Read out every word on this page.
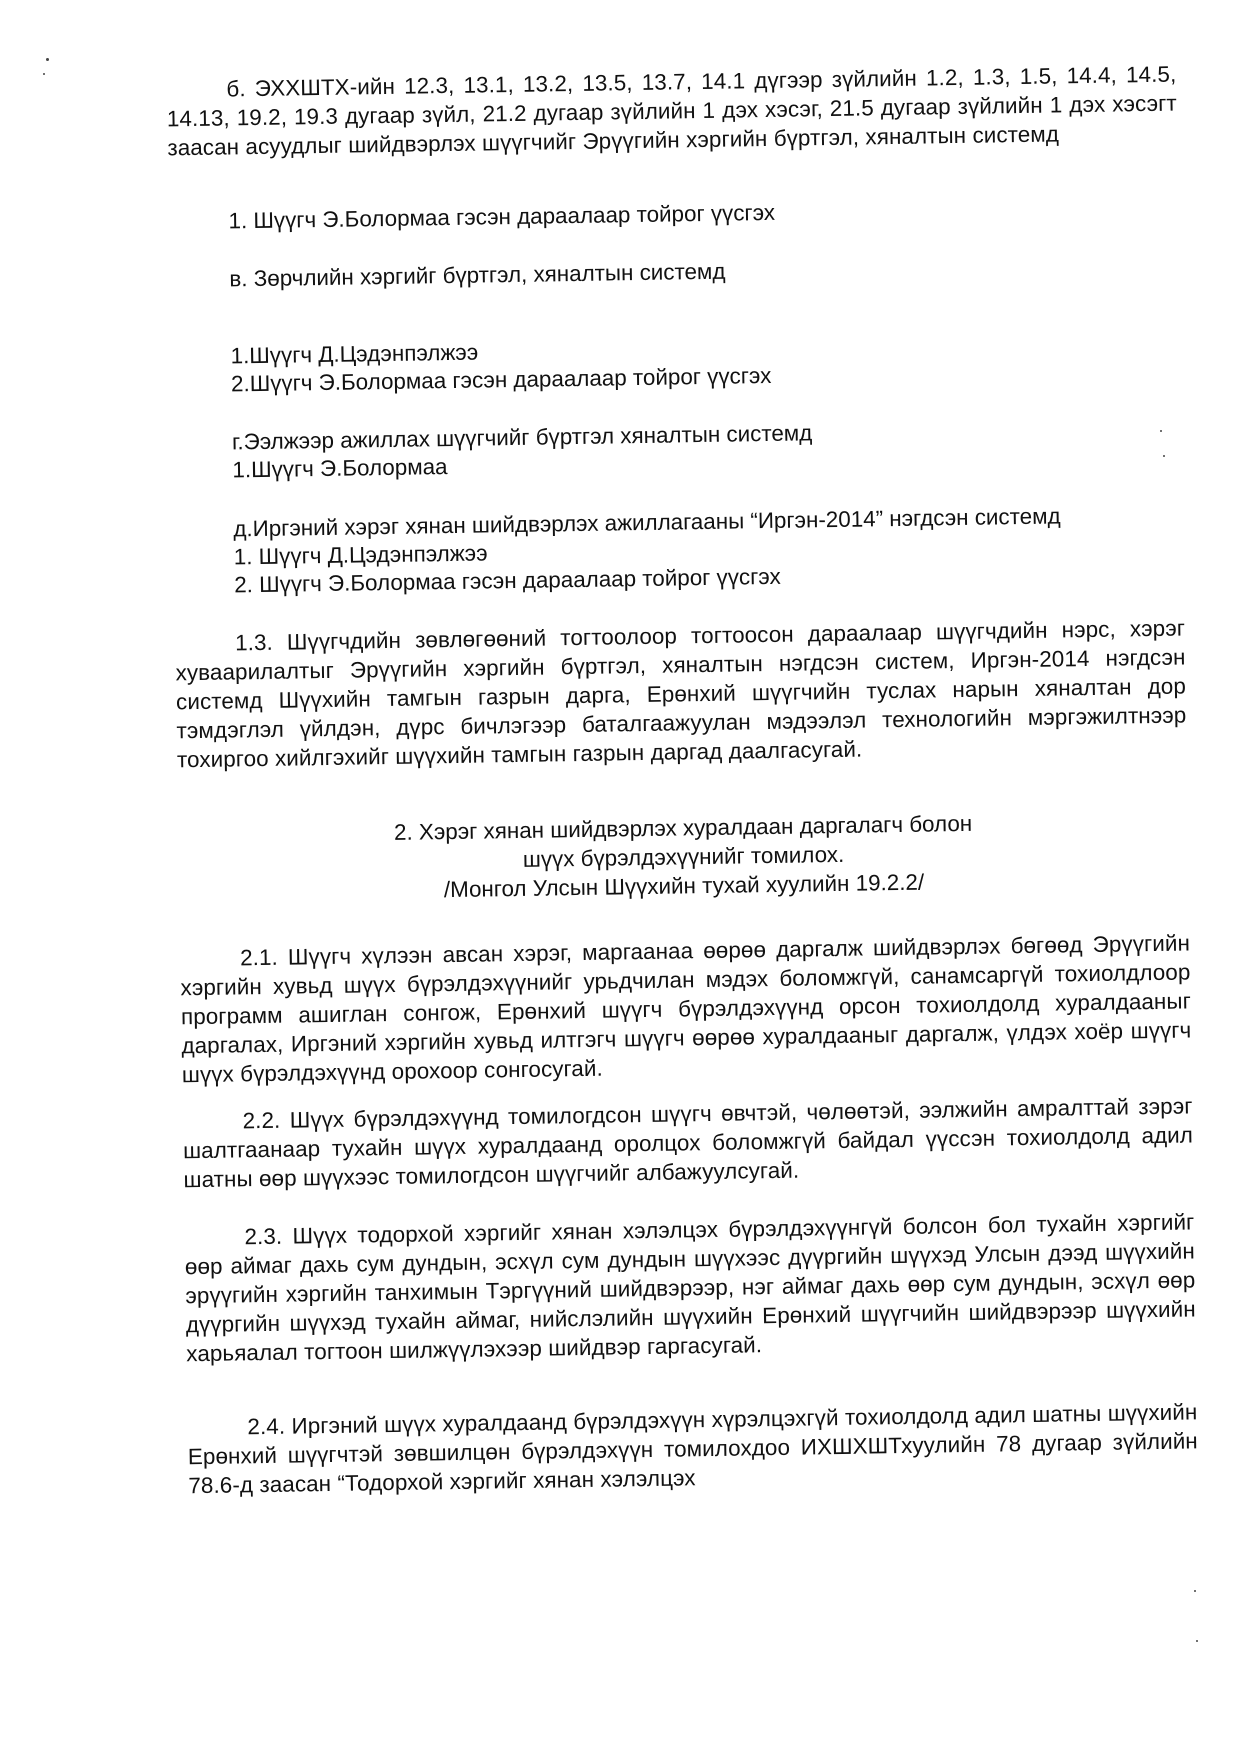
б. ЭХХШТХ-ийн 12.3, 13.1, 13.2, 13.5, 13.7, 14.1 дүгээр зүйлийн 1.2, 1.3, 1.5, 14.4, 14.5, 14.13, 19.2, 19.3 дугаар зүйл, 21.2 дугаар зүйлийн 1 дэх хэсэг, 21.5 дугаар зүйлийн 1 дэх хэсэгт заасан асуудлыг шийдвэрлэх шүүгчийг Эрүүгийн хэргийн бүртгэл, хяналтын системд
1. Шүүгч Э.Болормаа гэсэн дараалаар тойрог үүсгэх
в. Зөрчлийн хэргийг бүртгэл, хяналтын системд
1.Шүүгч Д.Цэдэнпэлжээ
2.Шүүгч Э.Болормаа гэсэн дараалаар тойрог үүсгэх
г.Ээлжээр ажиллах шүүгчийг бүртгэл хяналтын системд
1.Шүүгч Э.Болормаа
д.Иргэний хэрэг хянан шийдвэрлэх ажиллагааны “Иргэн-2014” нэгдсэн системд
1. Шүүгч Д.Цэдэнпэлжээ
2. Шүүгч Э.Болормаа гэсэн дараалаар тойрог үүсгэх
1.3. Шүүгчдийн зөвлөгөөний тогтоолоор тогтоосон дараалаар шүүгчдийн нэрс, хэрэг хуваарилалтыг Эрүүгийн хэргийн бүртгэл, хяналтын нэгдсэн систем, Иргэн-2014 нэгдсэн системд Шүүхийн тамгын газрын дарга, Ерөнхий шүүгчийн туслах нарын хяналтан дор тэмдэглэл үйлдэн, дүрс бичлэгээр баталгаажуулан мэдээлэл технологийн мэргэжилтнээр тохиргоо хийлгэхийг шүүхийн тамгын газрын даргад даалгасугай.
2. Хэрэг хянан шийдвэрлэх хуралдаан даргалагч болон
шүүх бүрэлдэхүүнийг томилох.
/Монгол Улсын Шүүхийн тухай хуулийн 19.2.2/
2.1. Шүүгч хүлээн авсан хэрэг, маргаанаа өөрөө даргалж шийдвэрлэх бөгөөд Эрүүгийн хэргийн хувьд шүүх бүрэлдэхүүнийг урьдчилан мэдэх боломжгүй, санамсаргүй тохиолдлоор программ ашиглан сонгож, Ерөнхий шүүгч бүрэлдэхүүнд орсон тохиолдолд хуралдааныг даргалах, Иргэний хэргийн хувьд илтгэгч шүүгч өөрөө хуралдааныг даргалж, үлдэх хоёр шүүгч шүүх бүрэлдэхүүнд орохоор сонгосугай.
2.2. Шүүх бүрэлдэхүүнд томилогдсон шүүгч өвчтэй, чөлөөтэй, ээлжийн амралттай зэрэг шалтгаанаар тухайн шүүх хуралдаанд оролцох боломжгүй байдал үүссэн тохиолдолд адил шатны өөр шүүхээс томилогдсон шүүгчийг албажуулсугай.
2.3. Шүүх тодорхой хэргийг хянан хэлэлцэх бүрэлдэхүүнгүй болсон бол тухайн хэргийг өөр аймаг дахь сум дундын, эсхүл сум дундын шүүхээс дүүргийн шүүхэд Улсын дээд шүүхийн эрүүгийн хэргийн танхимын Тэргүүний шийдвэрээр, нэг аймаг дахь өөр сум дундын, эсхүл өөр дүүргийн шүүхэд тухайн аймаг, нийслэлийн шүүхийн Ерөнхий шүүгчийн шийдвэрээр шүүхийн харьяалал тогтоон шилжүүлэхээр шийдвэр гаргасугай.
2.4. Иргэний шүүх хуралдаанд бүрэлдэхүүн хүрэлцэхгүй тохиолдолд адил шатны шүүхийн Ерөнхий шүүгчтэй зөвшилцөн бүрэлдэхүүн томилохдоо ИХШХШТхуулийн 78 дугаар зүйлийн 78.6-д заасан “Тодорхой хэргийг хянан хэлэлцэх
